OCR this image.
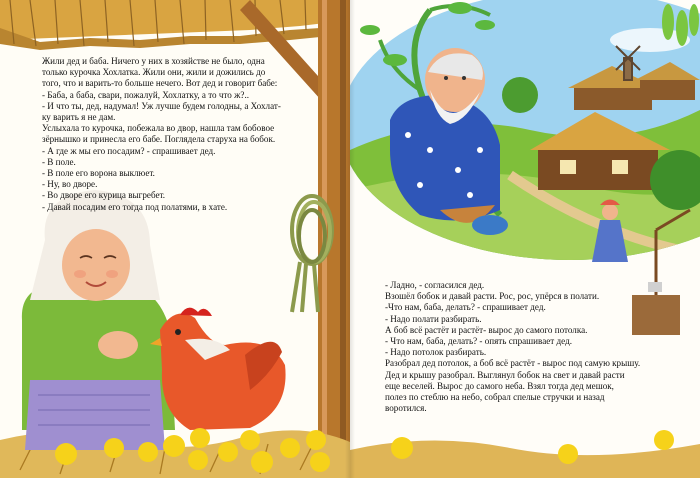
Жили дед и баба. Ничего у них в хозяйстве не было, одна
только курочка Хохлатка. Жили они, жили и дожились до
того, что и варить-то больше нечего. Вот дед и говорит бабе:
- Баба, а баба, свари, пожалуй, Хохлатку, а то что ж?..
- И что ты, дед, надумал! Уж лучше будем голодны, а Хохлат-
ку варить я не дам.
Услыхала то курочка, побежала во двор, нашла там бобовое
зёрнышко и принесла его бабе. Поглядела старуха на бобок.
- А где ж мы его посадим? - спрашивает дед.
- В поле.
- В поле его ворона выклюет.
- Ну, во дворе.
- Во дворе его курица выгребет.
- Давай посадим его тогда под полатями, в хате.
- Ладно, - согласился дед.
Взошёл бобок и давай расти. Рос, рос, упёрся в полати.
-Что нам, баба, делать? - спрашивает дед.
- Надо полати разбирать.
А боб всё растёт и растёт- вырос до самого потолка.
- Что нам, баба, делать? - опять спрашивает дед.
- Надо потолок разбирать.
Разобрал дед потолок, а боб всё растёт - вырос под самую крышу.
Дед и крышу разобрал. Выглянул бобок на свет и давай расти
еще веселей. Вырос до самого неба. Взял тогда дед мешок,
полез по стеблю на небо, собрал спелые стручки и назад
воротился.
